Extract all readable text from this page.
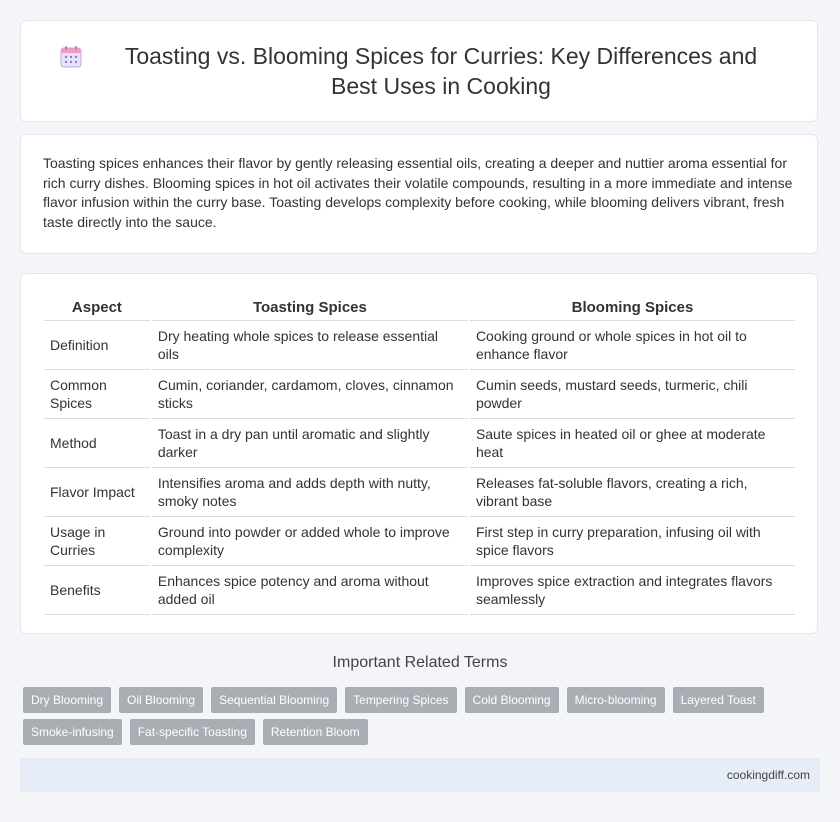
Toasting vs. Blooming Spices for Curries: Key Differences and Best Uses in Cooking

Toasting spices enhances their flavor by gently releasing essential oils, creating a deeper and nuttier aroma essential for rich curry dishes. Blooming spices in hot oil activates their volatile compounds, resulting in a more immediate and intense flavor infusion within the curry base. Toasting develops complexity before cooking, while blooming delivers vibrant, fresh taste directly into the sauce.

Aspect	Toasting Spices	Blooming Spices
Definition	Dry heating whole spices to release essential oils	Cooking ground or whole spices in hot oil to enhance flavor
Common Spices	Cumin, coriander, cardamom, cloves, cinnamon sticks	Cumin seeds, mustard seeds, turmeric, chili powder
Method	Toast in a dry pan until aromatic and slightly darker	Saute spices in heated oil or ghee at moderate heat
Flavor Impact	Intensifies aroma and adds depth with nutty, smoky notes	Releases fat-soluble flavors, creating a rich, vibrant base
Usage in Curries	Ground into powder or added whole to improve complexity	First step in curry preparation, infusing oil with spice flavors
Benefits	Enhances spice potency and aroma without added oil	Improves spice extraction and integrates flavors seamlessly
Important Related Terms
Dry Blooming	Oil Blooming	Sequential Blooming	Tempering Spices	Cold Blooming	Micro-blooming	Layered Toast
Smoke-infusing	Fat-specific Toasting	Retention Bloom
cookingdiff.com
